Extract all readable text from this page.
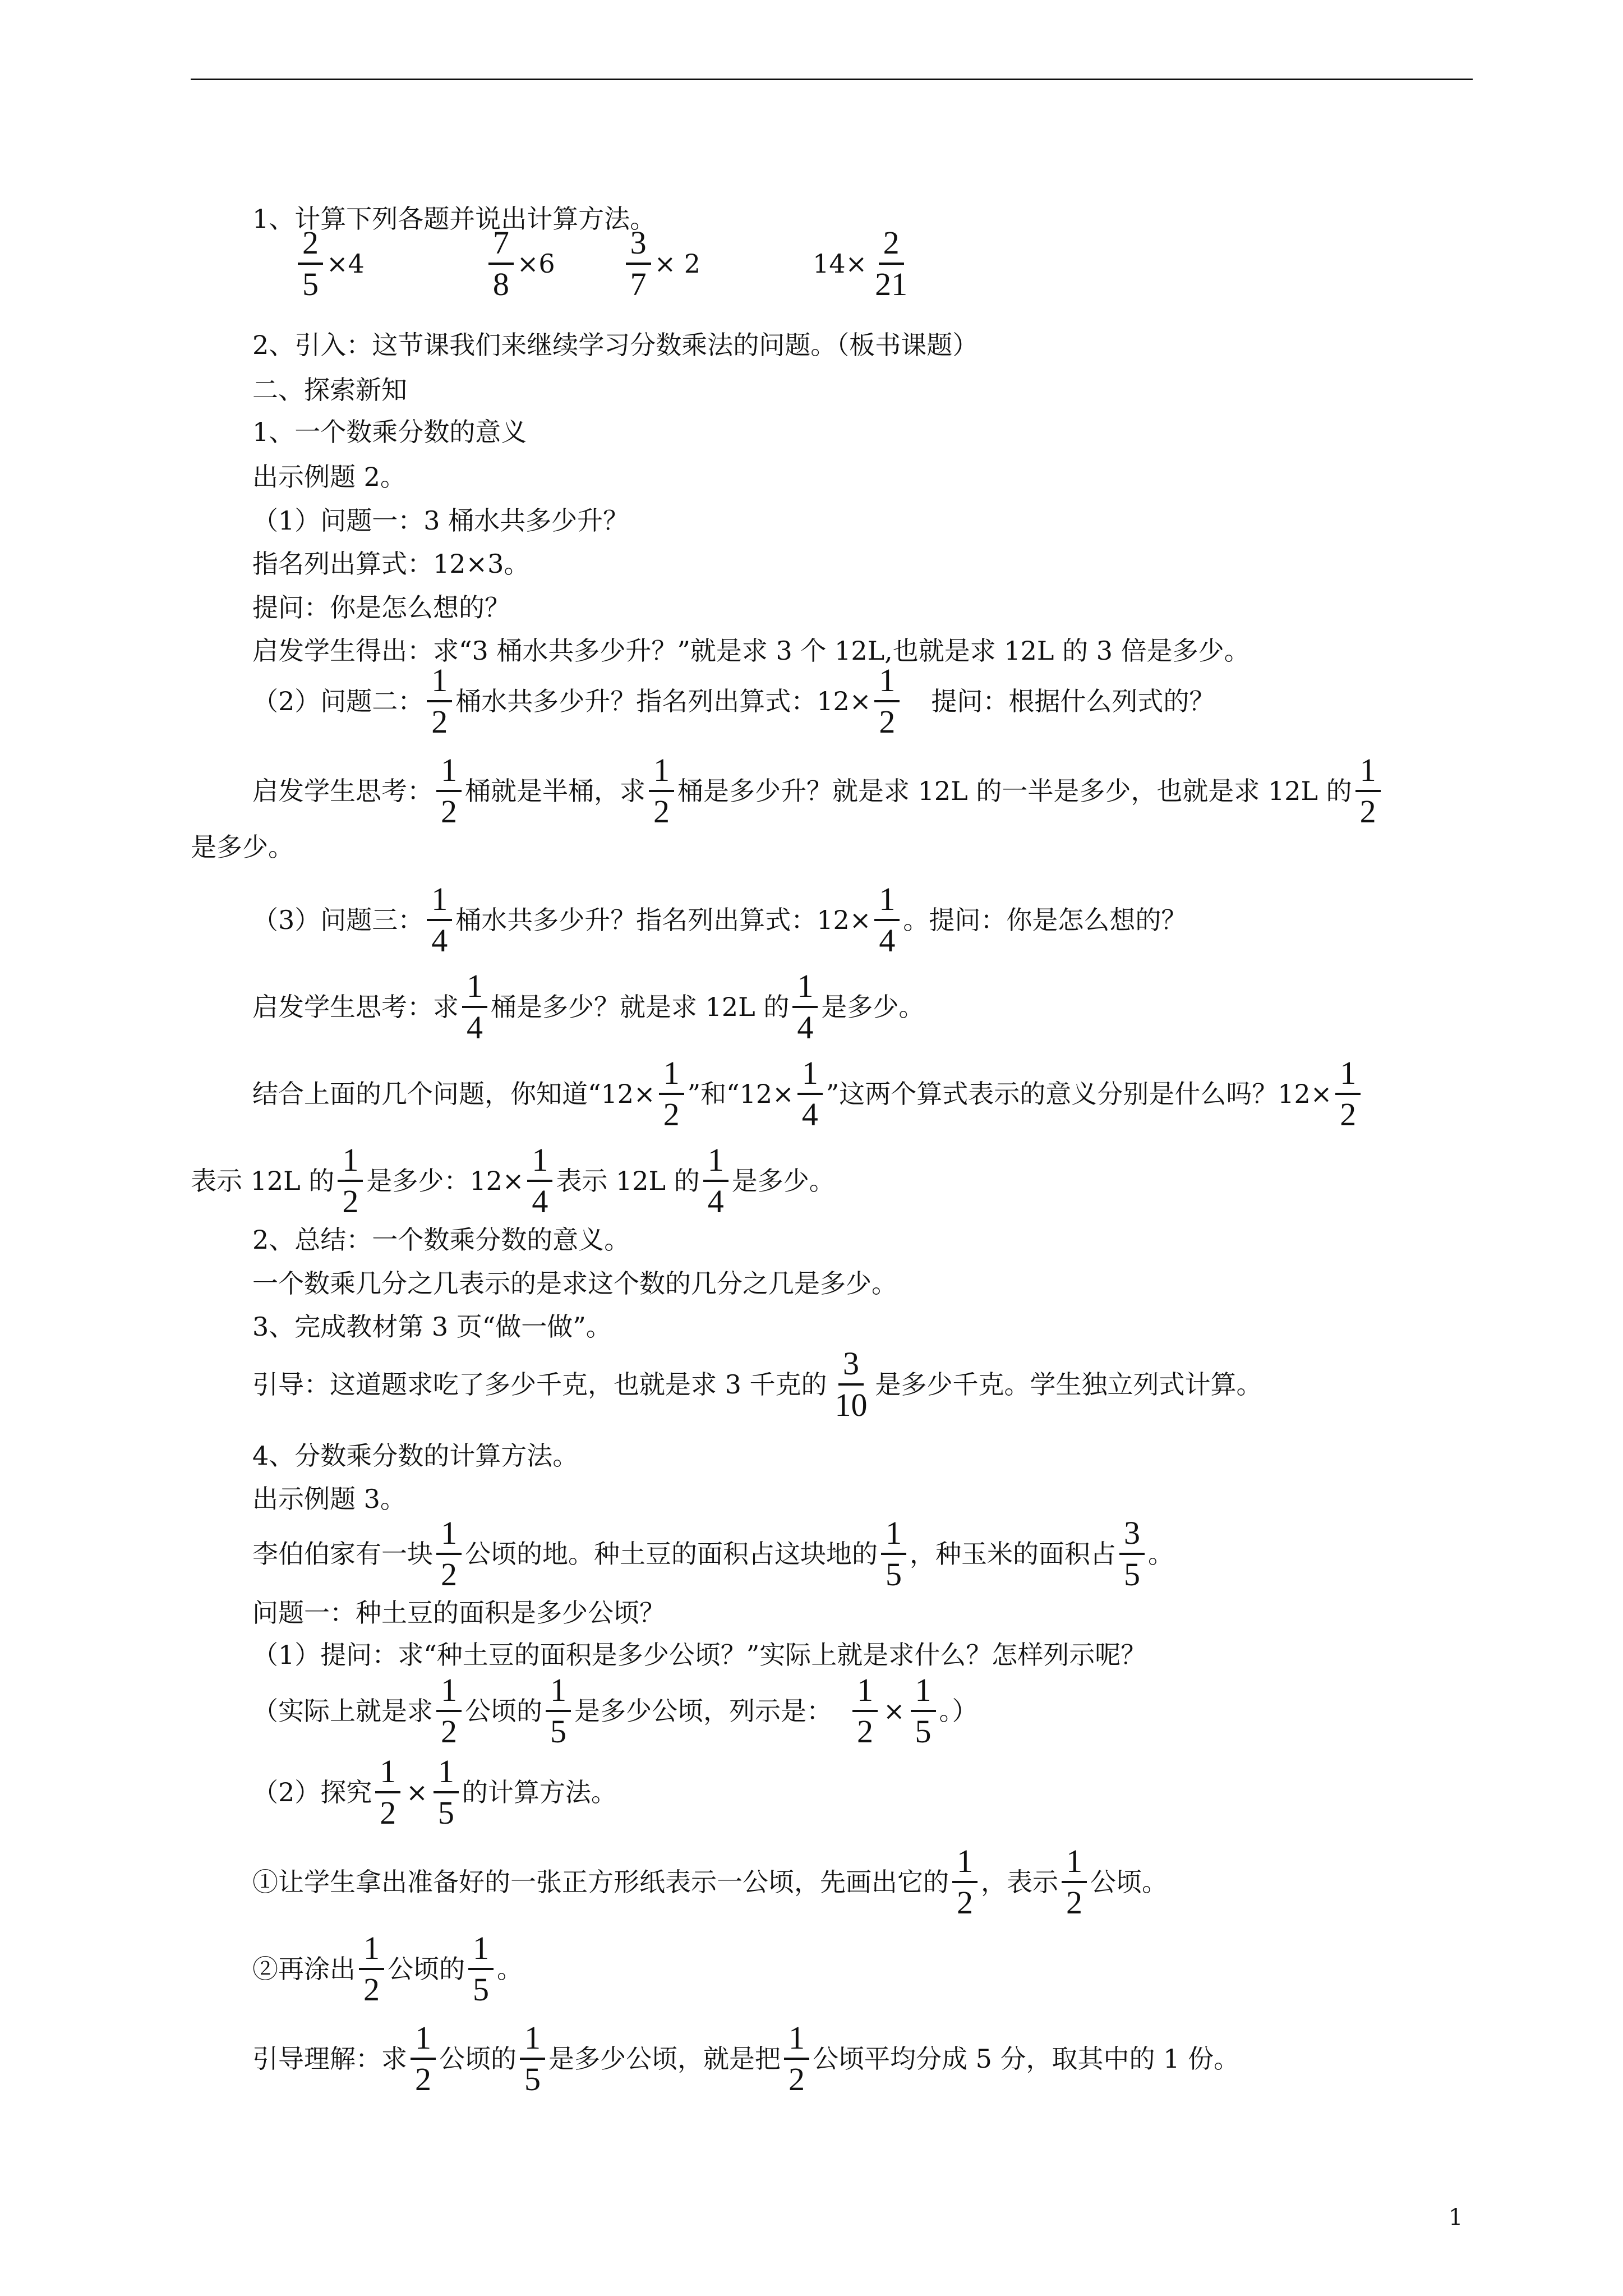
1、计算下列各题并说出计算方法。
$\frac{2}{5} \times 4$	$\frac{7}{8} \times 6 \frac{3}{7} \times 2$	$14\times \frac{2}{21}$
2、引入：这节课我们来继续学习分数乘法的问题。（板书课题）
二、探索新知
1、一个数乘分数的意义
出示例题 2。
（1）问题一：3 桶水共多少升？
指名列出算式：12×3。
提问：你是怎么想的？
启发学生得出：求“3 桶水共多少升？”就是求 3 个 12L,也就是求 12L 的 3 倍是多少。
（2）问题二： $\frac{1}{2}$ 桶水共多少升？指名列出算式：$12\times \frac{1}{2}$ 提问：根据什么列式的？
启发学生思考： $\frac{1}{2}$ 桶就是半桶，求 $\frac{1}{2}$ 桶是多少升？就是求 12L 的一半是多少，也就是求 12L 的 $\frac{1}{2}$
是多少。
（3）问题三： $\frac{1}{4}$ 桶水共多少升？指名列出算式：$12\times \frac{1}{4}$ 。提问：你是怎么想的？
启发学生思考：求 $\frac{1}{4}$ 桶是多少？就是求 12L 的 $\frac{1}{4}$ 是多少。
结合上面的几个问题，你知道“$12\times \frac{1}{2}$ ”和“$12\times \frac{1}{4}$ ”这两个算式表示的意义分别是什么吗？$12\times \frac{1}{2}$
表示 12L 的 $\frac{1}{2}$ 是多少：$12\times \frac{1}{4}$ 表示 12L 的 $\frac{1}{4}$ 是多少。
2、总结：一个数乘分数的意义。
一个数乘几分之几表示的是求这个数的几分之几是多少。
3、完成教材第 3 页“做一做”。
引导：这道题求吃了多少千克，也就是求 3 千克的 $\frac{3}{10}$ 是多少千克。学生独立列式计算。
4、分数乘分数的计算方法。
出示例题 3。
李伯伯家有一块 $\frac{1}{2}$ 公顷的地。种土豆的面积占这块地的 $\frac{1}{5}$ ，种玉米的面积占 $\frac{3}{5}$ 。
问题一：种土豆的面积是多少公顷？
（1）提问：求“种土豆的面积是多少公顷？”实际上就是求什么？怎样列示呢？
（实际上就是求 $\frac{1}{2}$ 公顷的 $\frac{1}{5}$ 是多少公顷，列示是： $\frac{1}{2} \times \frac{1}{5}$ 。）
（2）探究 $\frac{1}{2} \times \frac{1}{5}$ 的计算方法。
①让学生拿出准备好的一张正方形纸表示一公顷，先画出它的 $\frac{1}{2}$ ，表示 $\frac{1}{2}$ 公顷。
②再涂出 $\frac{1}{2}$ 公顷的 $\frac{1}{5}$ 。
引导理解：求 $\frac{1}{2}$ 公顷的 $\frac{1}{5}$ 是多少公顷，就是把 $\frac{1}{2}$ 公顷平均分成 5 分，取其中的 1 份。
1
